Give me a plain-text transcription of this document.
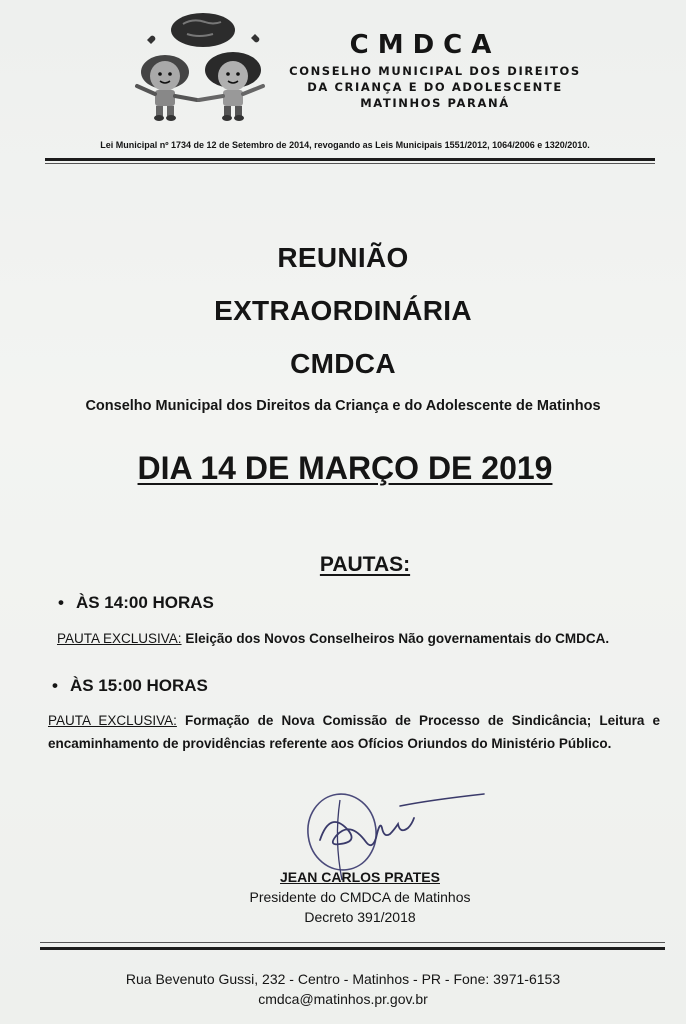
CMDCA
CONSELHO MUNICIPAL DOS DIREITOS
DA CRIANÇA E DO ADOLESCENTE
MATINHOS PARANÁ
Lei Municipal nº 1734 de 12 de Setembro de 2014, revogando as Leis Municipais 1551/2012, 1064/2006 e 1320/2010.
REUNIÃO
EXTRAORDINÁRIA
CMDCA
Conselho Municipal dos Direitos da Criança e do Adolescente de Matinhos
DIA 14 DE MARÇO DE 2019
PAUTAS:
• ÀS 14:00 HORAS
PAUTA EXCLUSIVA: Eleição dos Novos Conselheiros Não governamentais do CMDCA.
• ÀS 15:00 HORAS
PAUTA EXCLUSIVA: Formação de Nova Comissão de Processo de Sindicância; Leitura e encaminhamento de providências referente aos Ofícios Oriundos do Ministério Público.
JEAN CARLOS PRATES
Presidente do CMDCA de Matinhos
Decreto 391/2018
Rua Bevenuto Gussi, 232 - Centro - Matinhos - PR - Fone: 3971-6153
cmdca@matinhos.pr.gov.br
